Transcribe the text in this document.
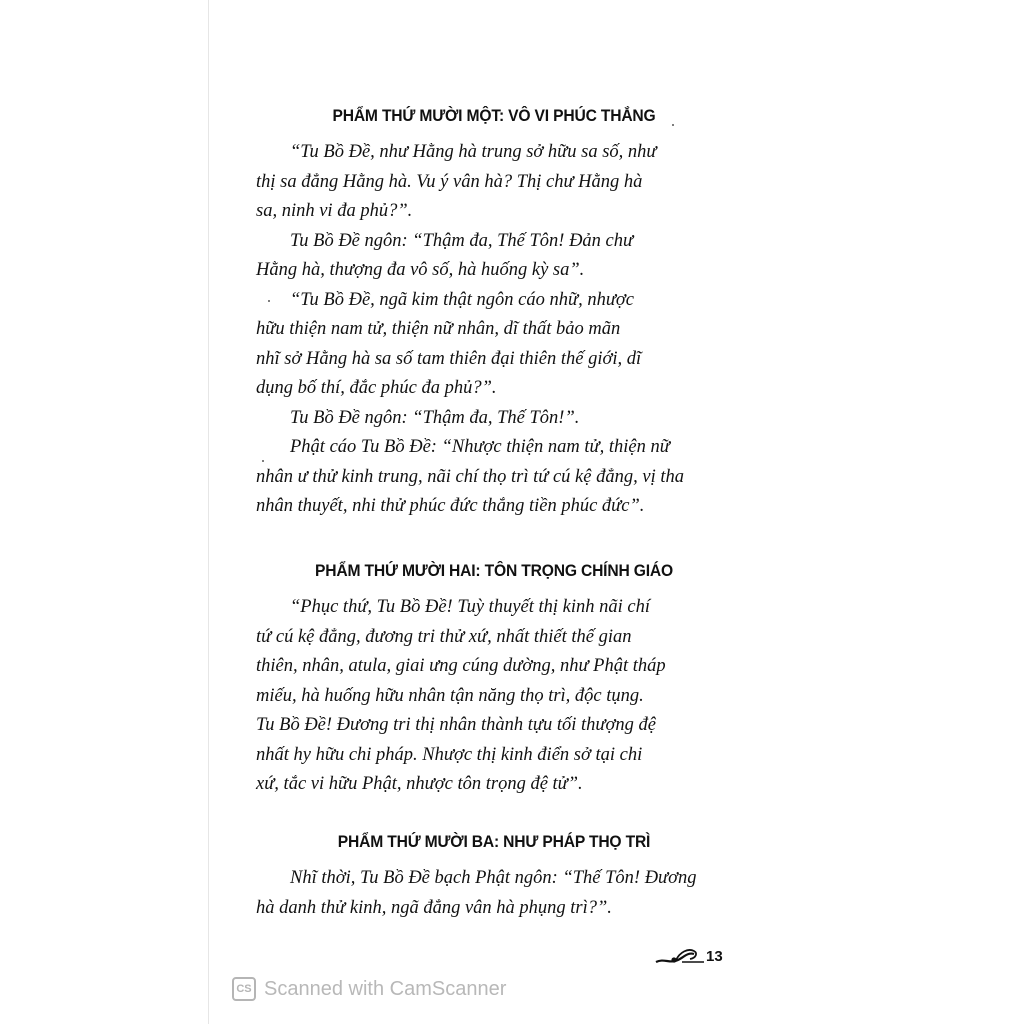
PHẨM THỨ MƯỜI MỘT: VÔ VI PHÚC THẮNG
“Tu Bồ Đề, như Hằng hà trung sở hữu sa số, như
thị sa đẳng Hằng hà. Vu ý vân hà? Thị chư Hằng hà
sa, ninh vi đa phủ?”.
Tu Bồ Đề ngôn: “Thậm đa, Thế Tôn! Đản chư
Hằng hà, thượng đa vô số, hà huống kỳ sa”.
“Tu Bồ Đề, ngã kim thật ngôn cáo nhữ, nhược
hữu thiện nam tử, thiện nữ nhân, dĩ thất bảo mãn
nhĩ sở Hằng hà sa số tam thiên đại thiên thế giới, dĩ
dụng bố thí, đắc phúc đa phủ?”.
Tu Bồ Đề ngôn: “Thậm đa, Thế Tôn!”.
Phật cáo Tu Bồ Đề: “Nhược thiện nam tử, thiện nữ
nhân ư thử kinh trung, nãi chí thọ trì tứ cú kệ đẳng, vị tha
nhân thuyết, nhi thử phúc đức thắng tiền phúc đức”.
PHẨM THỨ MƯỜI HAI: TÔN TRỌNG CHÍNH GIÁO
“Phục thứ, Tu Bồ Đề! Tuỳ thuyết thị kinh nãi chí
tứ cú kệ đẳng, đương tri thử xứ, nhất thiết thế gian
thiên, nhân, atula, giai ưng cúng dường, như Phật tháp
miếu, hà huống hữu nhân tận năng thọ trì, độc tụng.
Tu Bồ Đề! Đương tri thị nhân thành tựu tối thượng đệ
nhất hy hữu chi pháp. Nhược thị kinh điển sở tại chi
xứ, tắc vi hữu Phật, nhược tôn trọng đệ tử”.
PHẨM THỨ MƯỜI BA: NHƯ PHÁP THỌ TRÌ
Nhĩ thời, Tu Bồ Đề bạch Phật ngôn: “Thế Tôn! Đương
hà danh thử kinh, ngã đẳng vân hà phụng trì?”.
13
CS Scanned with CamScanner
